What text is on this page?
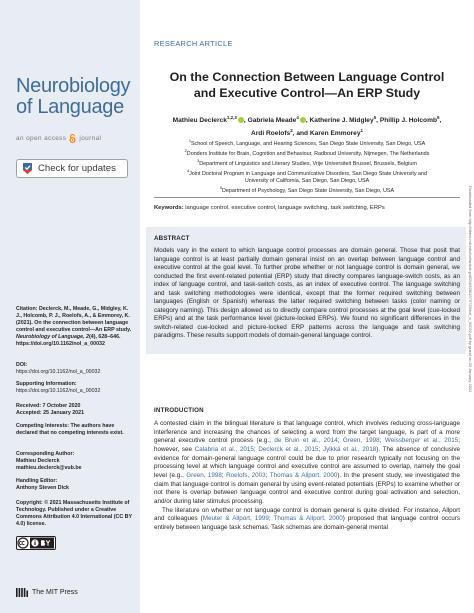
Neurobiology
of Language
an open access journal
Check for updates
Citation: Declerck, M., Meade, G., Midgley, K. J., Holcomb, P. J., Roelofs, A., & Emmorey, K. (2021). On the connection between language control and executive control—An ERP study. Neurobiology of Language, 2(4), 628–646. https://doi.org/10.1162/nol_a_00032
DOI:
https://doi.org/10.1162/nol_a_00032
Supporting Information:
https://doi.org/10.1162/nol_a_00032
Received: 7 October 2020
Accepted: 25 January 2021
Competing Interests: The authors have declared that no competing interests exist.
Corresponding Author:
Mathieu Declerck
mathieu.declerck@vub.be
Handling Editor:
Anthony Steven Dick
Copyright: © 2021 Massachusetts Institute of Technology. Published under a Creative Commons Attribution 4.0 International (CC BY 4.0) license.
The MIT Press
RESEARCH ARTICLE
On the Connection Between Language Control
and Executive Control—An ERP Study
Mathieu Declerck$^{1,2,3}$ , Gabriela Meade$^4$ , Katherine J. Midgley$^5$, Phillip J. Holcomb$^5$,
Ardi Roelofs$^2$, and Karen Emmorey$^1$
$^1$School of Speech, Language, and Hearing Sciences, San Diego State University, San Diego, USA
$^2$Donders Institute for Brain, Cognition and Behaviour, Radboud University, Nijmegen, The Netherlands
$^3$Department of Linguistics and Literary Studies, Vrije Universiteit Brussel, Brussels, Belgium
$^4$Joint Doctoral Program in Language and Communicative Disorders, San Diego State University and
University of California, San Diego, San Diego, USA
$^5$Department of Psychology, San Diego State University, San Diego, USA
Keywords: language control, executive control, language switching, task switching, ERPs
ABSTRACT
Models vary in the extent to which language control processes are domain general. Those that posit that language control is at least partially domain general insist on an overlap between language control and executive control at the goal level. To further probe whether or not language control is domain general, we conducted the first event-related potential (ERP) study that directly compares language-switch costs, as an index of language control, and task-switch costs, as an index of executive control. The language switching and task switching methodologies were identical, except that the former required switching between languages (English or Spanish) whereas the latter required switching between tasks (color naming or category naming). This design allowed us to directly compare control processes at the goal level (cue-locked ERPs) and at the task performance level (picture-locked ERPs). We found no significant differences in the switch-related cue-locked and picture-locked ERP patterns across the language and task switching paradigms. These results support models of domain-general language control.
INTRODUCTION

A contested claim in the bilingual literature is that language control, which involves reducing cross-language interference and increasing the chances of selecting a word from the target language, is part of a more general executive control process (e.g., de Bruin et al., 2014; Green, 1998; Weissberger et al., 2015; however, see Calabria et al., 2015; Declerck et al., 2015; Jylkkä et al., 2018). The absence of conclusive evidence for domain-general language control could be due to prior research typically not focusing on the processing level at which language control and executive control are assumed to overlap, namely the goal level (e.g., Green, 1998; Roelofs, 2003; Thomas & Allport, 2000). In the present study, we investigated the claim that language control is domain general by using event-related potentials (ERPs) to examine whether or not there is overlap between language control and executive control during goal activation and selection, and/or during later stimulus processing.

The literature on whether or not language control is domain general is quite divided. For instance, Allport and colleagues (Meuter & Allport, 1999; Thomas & Allport, 2000) proposed that language control occurs entirely between language task schemas. Task schemas are domain-general mental

Downloaded from http://direct.mit.edu/nol/article-pdf/2/4/628/1979739/nol_a_00032.pdf by guest on 03 January 2022
